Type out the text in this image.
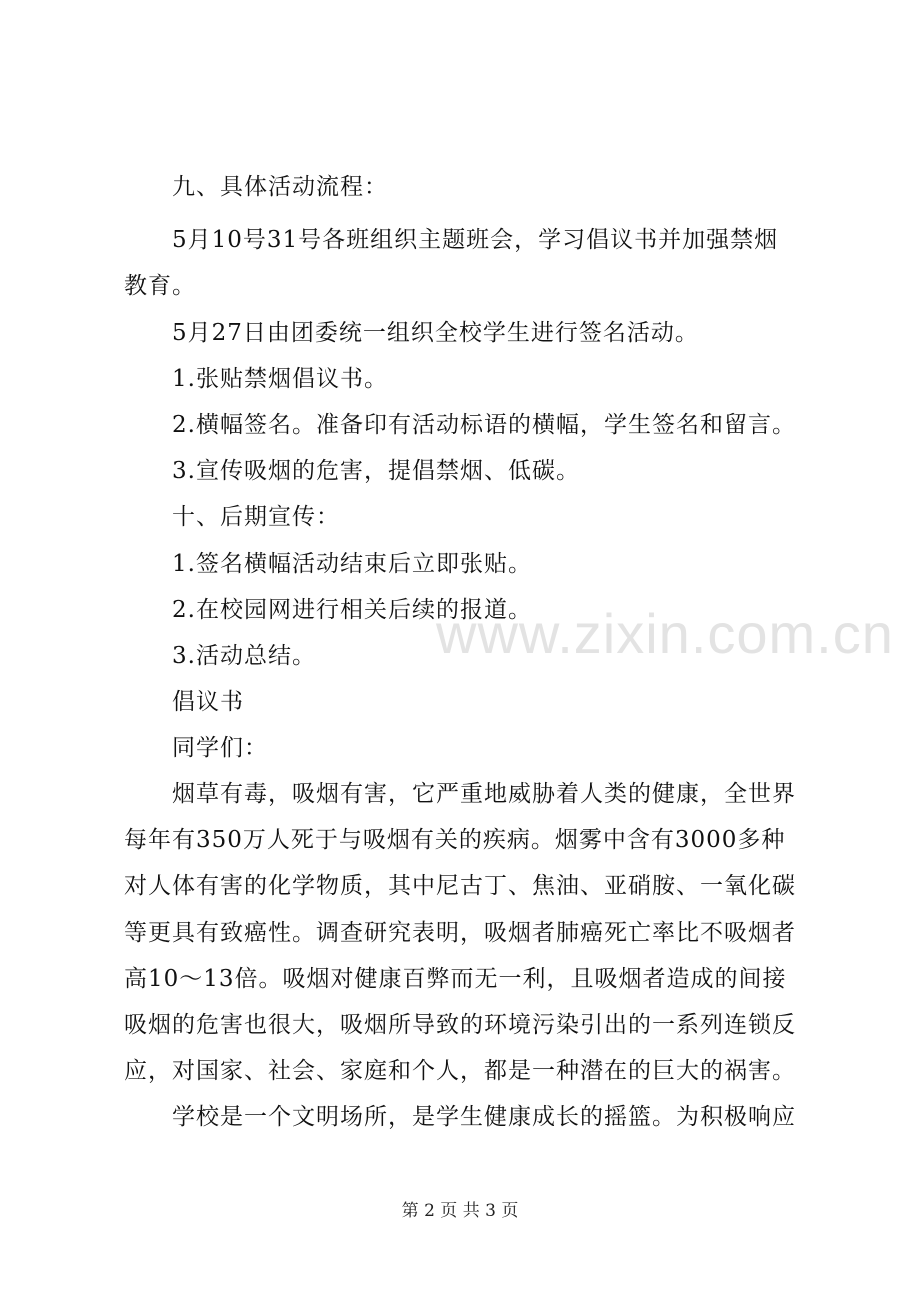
九、具体活动流程：
5月10号31号各班组织主题班会，学习倡议书并加强禁烟
教育。
5月27日由团委统一组织全校学生进行签名活动。
1.张贴禁烟倡议书。
2.横幅签名。准备印有活动标语的横幅，学生签名和留言。
3.宣传吸烟的危害，提倡禁烟、低碳。
十、后期宣传：
1.签名横幅活动结束后立即张贴。
2.在校园网进行相关后续的报道。
3.活动总结。
倡议书
同学们：
烟草有毒，吸烟有害，它严重地威胁着人类的健康，全世界
每年有350万人死于与吸烟有关的疾病。烟雾中含有3000多种
对人体有害的化学物质，其中尼古丁、焦油、亚硝胺、一氧化碳
等更具有致癌性。调查研究表明，吸烟者肺癌死亡率比不吸烟者
高10～13倍。吸烟对健康百弊而无一利，且吸烟者造成的间接
吸烟的危害也很大，吸烟所导致的环境污染引出的一系列连锁反
应，对国家、社会、家庭和个人，都是一种潜在的巨大的祸害。
学校是一个文明场所，是学生健康成长的摇篮。为积极响应
www.zixin.com.cn
第 2 页 共 3 页
